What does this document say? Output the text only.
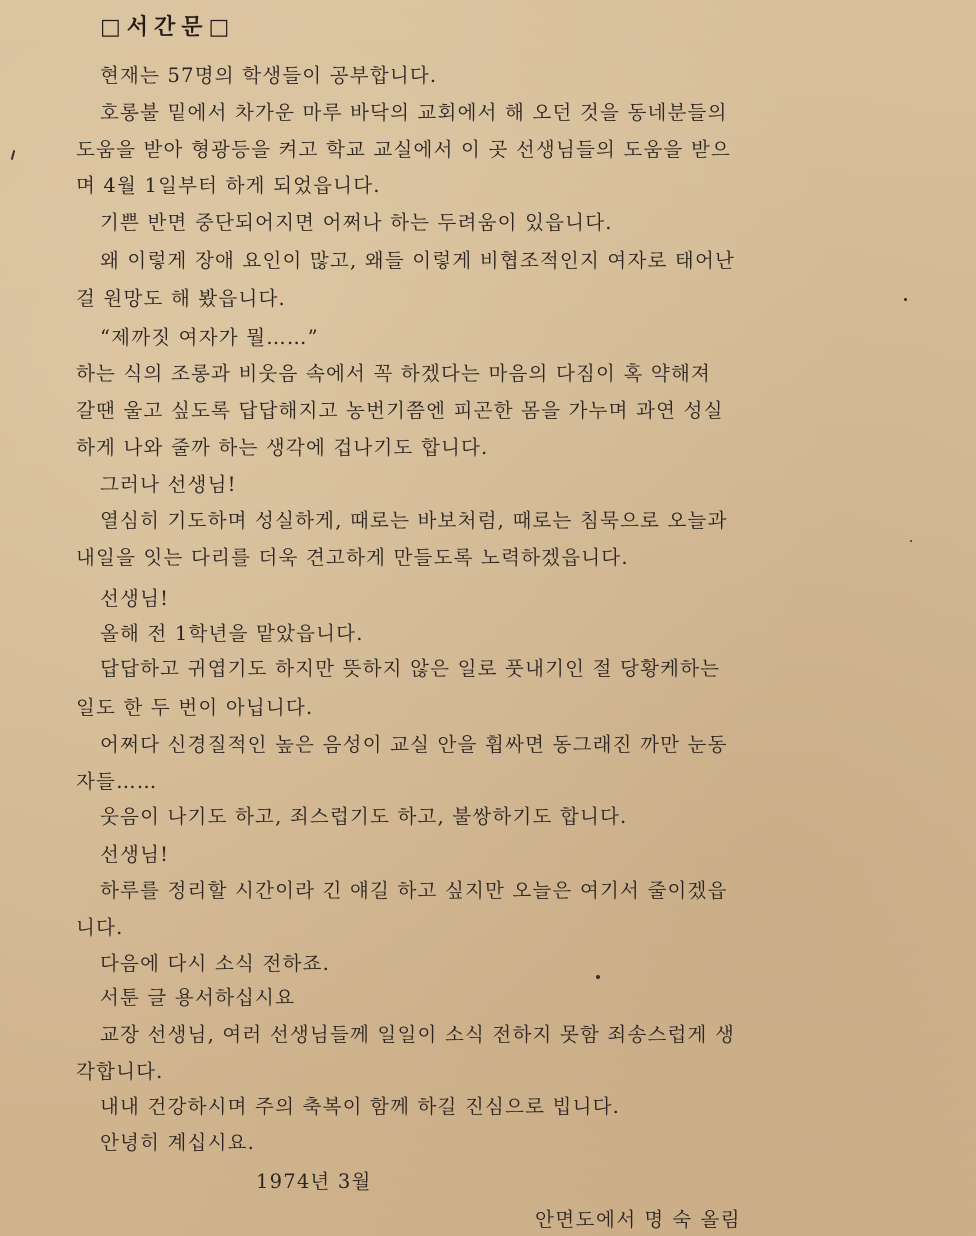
□서간문□
현재는 57명의 학생들이 공부합니다.
호롱불 밑에서 차가운 마루 바닥의 교회에서 해 오던 것을 동네분들의
도움을 받아 형광등을 켜고 학교 교실에서 이 곳 선생님들의 도움을 받으
며 4월 1일부터 하게 되었읍니다.
기쁜 반면 중단되어지면 어쩌나 하는 두려움이 있읍니다.
왜 이렇게 장애 요인이 많고, 왜들 이렇게 비협조적인지 여자로 태어난
걸 원망도 해 봤읍니다.
“제까짓 여자가 뭘……”
하는 식의 조롱과 비웃음 속에서 꼭 하겠다는 마음의 다짐이 혹 약해져
갈땐 울고 싶도록 답답해지고 농번기쯤엔 피곤한 몸을 가누며 과연 성실
하게 나와 줄까 하는 생각에 겁나기도 합니다.
그러나 선생님!
열심히 기도하며 성실하게, 때로는 바보처럼, 때로는 침묵으로 오늘과
내일을 잇는 다리를 더욱 견고하게 만들도록 노력하겠읍니다.
선생님!
올해 전 1학년을 맡았읍니다.
답답하고 귀엽기도 하지만 뜻하지 않은 일로 풋내기인 절 당황케하는
일도 한 두 번이 아닙니다.
어쩌다 신경질적인 높은 음성이 교실 안을 휩싸면 동그래진 까만 눈동
자들……
웃음이 나기도 하고, 죄스럽기도 하고, 불쌍하기도 합니다.
선생님!
하루를 정리할 시간이라 긴 얘길 하고 싶지만 오늘은 여기서 줄이겠읍
니다.
다음에 다시 소식 전하죠.
서툰 글 용서하십시요
교장 선생님, 여러 선생님들께 일일이 소식 전하지 못함 죄송스럽게 생
각합니다.
내내 건강하시며 주의 축복이 함께 하길 진심으로 빕니다.
안녕히 계십시요.
1974년 3월
안면도에서 명 숙 올림
